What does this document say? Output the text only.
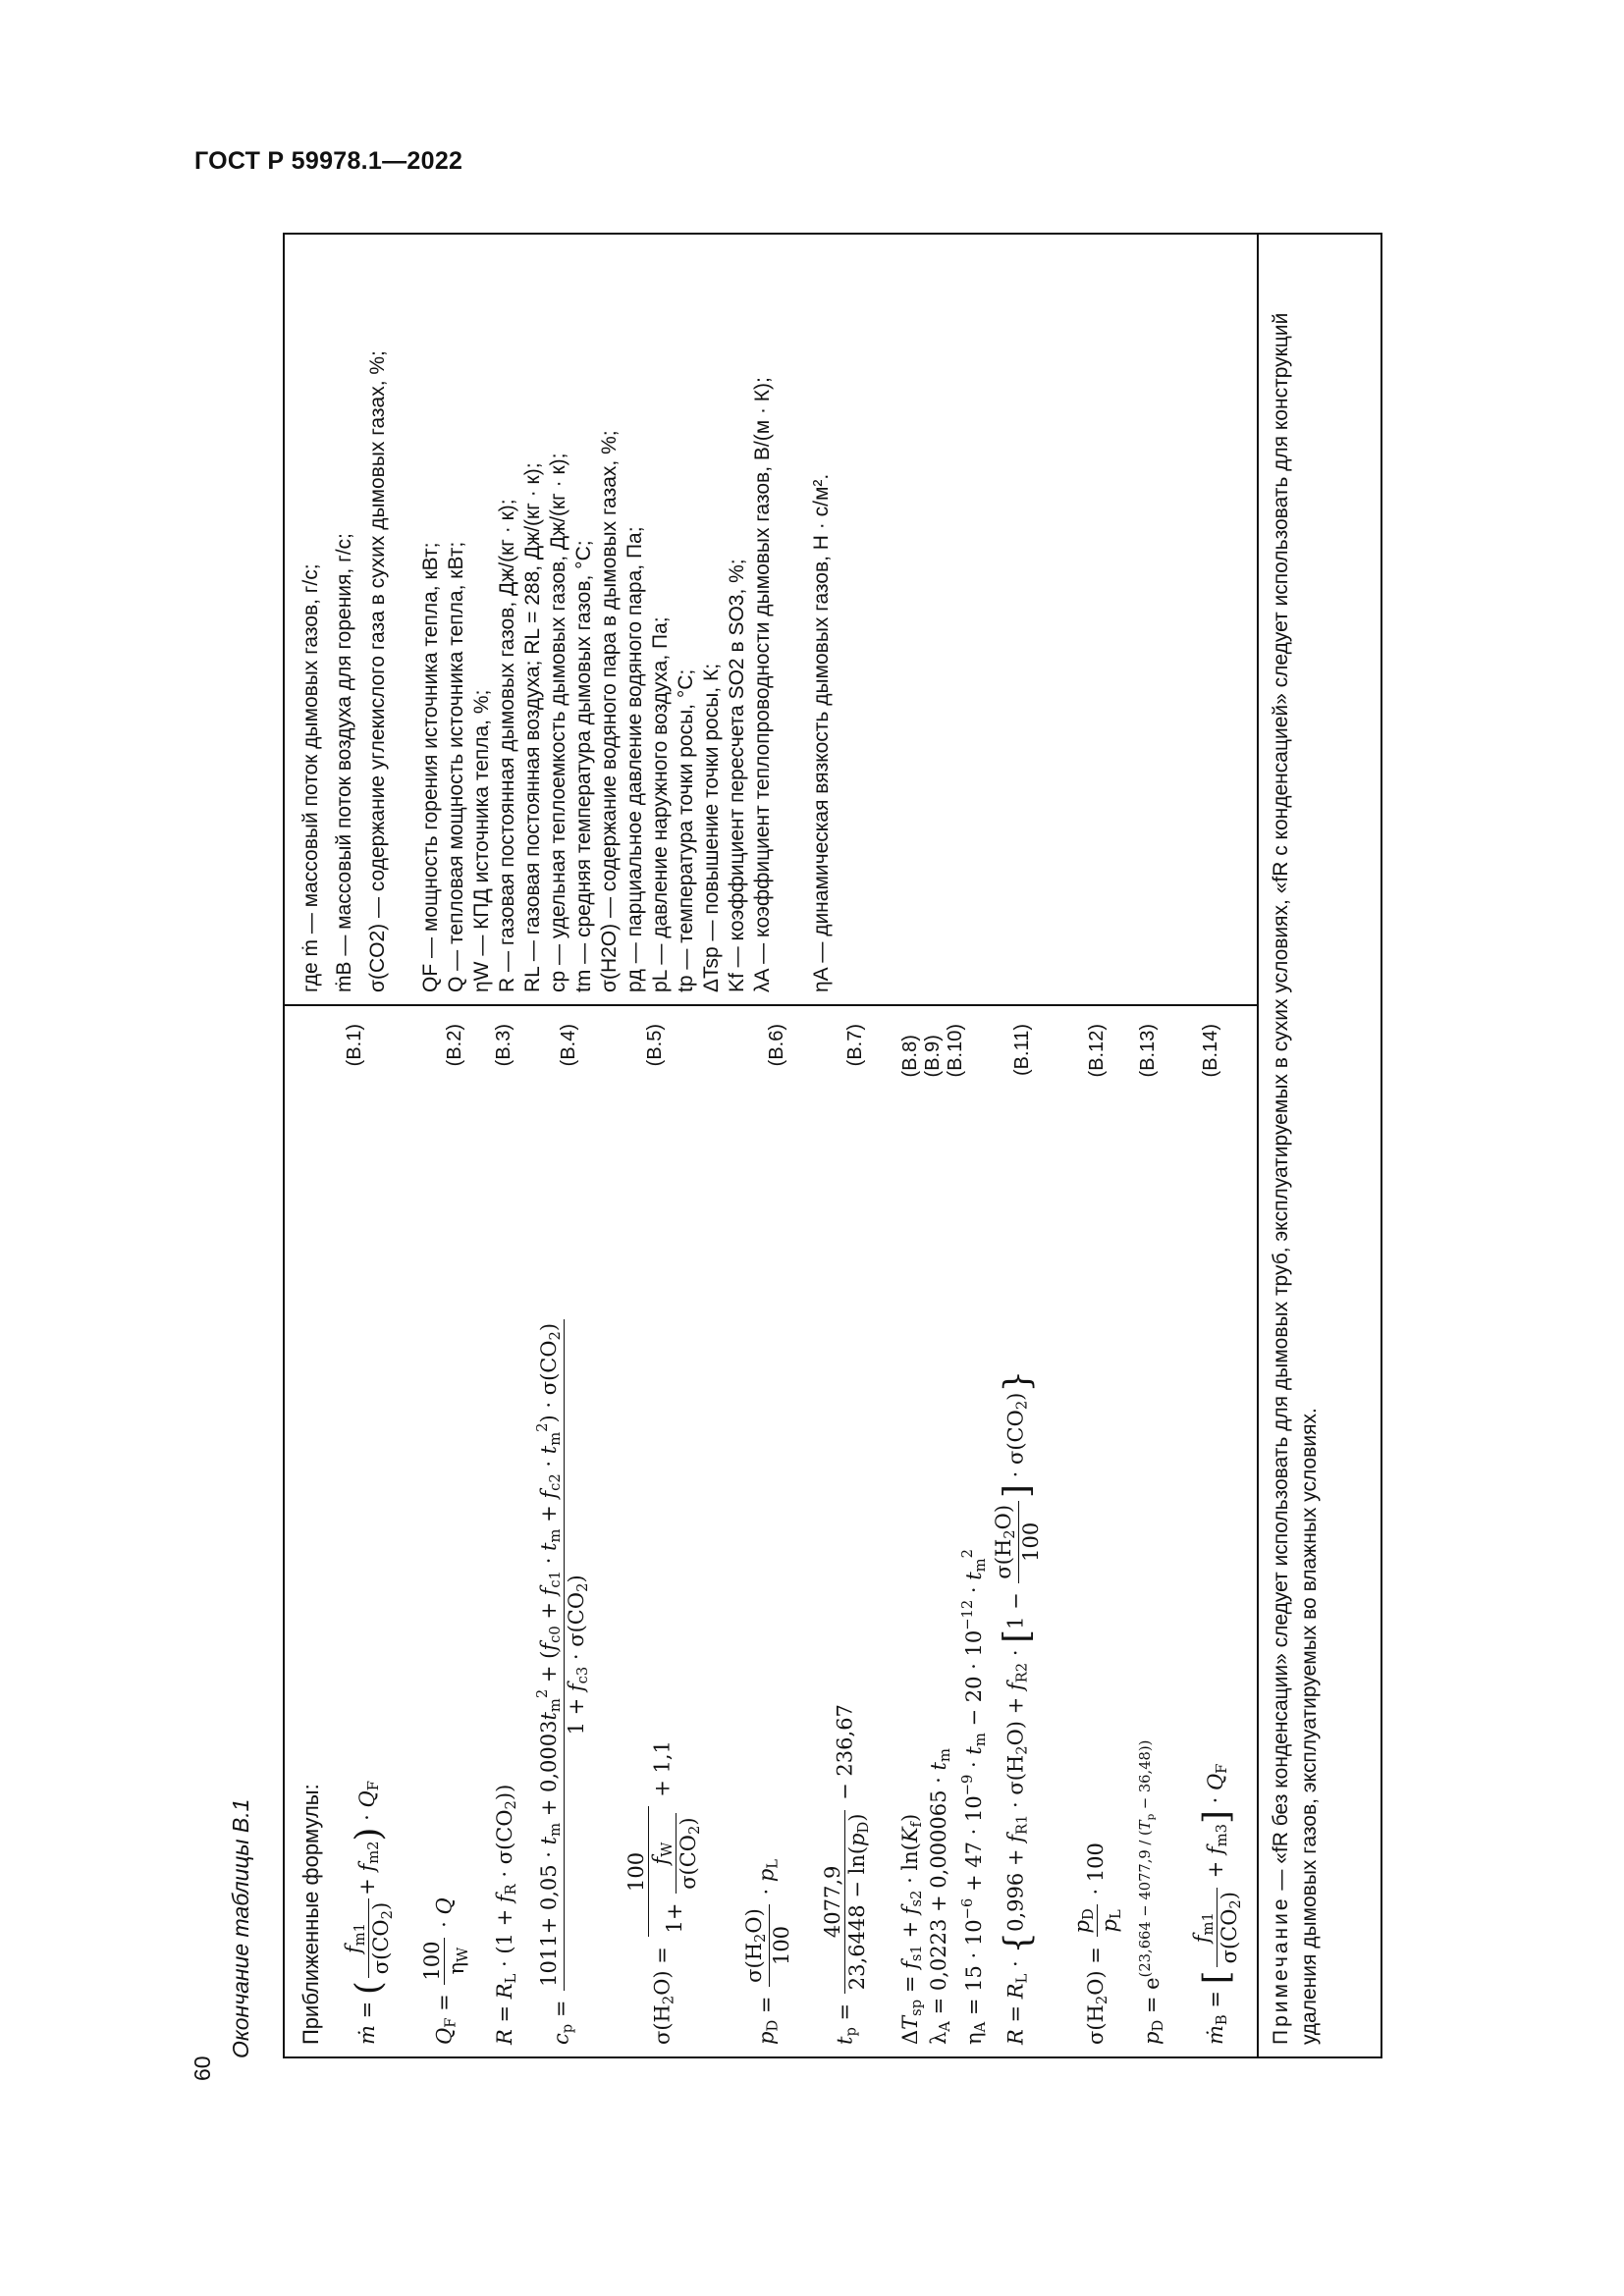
ГОСТ Р 59978.1—2022
60
Окончание таблицы В.1 Приближенные формулы:	ṁ = (
$f_{m1}$ $\sigma(CO_2)$
+ $f_{m2}) \cdot Q_F$
(B.1)
$Q_F$ =
100 $\eta_W$
· Q
(B.2)
$R = R_L \cdot (1 + f_R \cdot \sigma(CO_2))$
(B.3)
$c_p$ =
$1011+ 0,05 \cdot t_m + 0,0003t_m^2 + (f_{c0} + f_{c1} \cdot t_m + f_{c2} \cdot t_m^2) \cdot \sigma(CO_2)$
$1 + f_{c3} \cdot \sigma(CO_2)$
(B.4)
$\sigma(H_2O)$ =
100
1+
$f_W$ $\sigma(CO_2)$
+ 1,1
(B.5)
$p_D$ =
$\sigma(H_2O)$
100
· $p_L$
(B.6)
$t_p$ =
4077,9 $23,6448 - \ln(p_D)$
− 236,67
(B.7)
$\Delta T_{sp} = f_{s1} + f_{s2} \cdot \ln(K_f)$
$\lambda_A = 0,0223 + 0,000065 \cdot t_m$
$\eta_A = 15 \cdot 10^{-6} + 47 \cdot 10^{-9} \cdot t_m - 20 \cdot 10^{-12} \cdot t_m^2$
(B.8)
(B.9)
(B.10)
$R = R_L \cdot \{0,996 + f_{R1} \cdot \sigma(H_2O) + f_{R2} \cdot [1$ −
$\sigma(H_2O)$
100
] · $\sigma(CO_2)$}
(B.11)
$\sigma(H_2O)$ =
$p_D$
$p_L$
· 100
(B.12)
$p_D = e^{(23,664 - 4077,9 / (T_p - 36,48))}$
(B.13)
ṁ$_B$ = [
$f_{m1}$ $\sigma(CO_2)$
+ $f_{m3}] \cdot Q_F$
(B.14)
где ṁ — массовый поток дымовых газов, г/с; ṁB — массовый поток воздуха для горения, г/с; σ(CO2) — содержание углекислого газа в сухих дымовых газах, %; QF — мощность горения источника тепла, кВт; Q — тепловая мощность источника тепла, кВт; ηW — КПД источника тепла, %; R — газовая постоянная дымовых газов, Дж/(кг · к); RL — газовая постоянная воздуха; RL = 288, Дж/(кг · к); cp — удельная теплоемкость дымовых газов, Дж/(кг · к); tm — средняя температура дымовых газов, °С; σ(H2O) — содержание водяного пара в дымовых газах, %; pд — парциальное давление водяного пара, Па; pL — давление наружного воздуха, Па; tp — температура точки росы, °С; ΔTsp — повышение точки росы, К; Kf — коэффициент пересчета SO2 в SO3, %; λA — коэффициент теплопроводности дымовых газов, В/(м · К); ηA — динамическая вязкость дымовых газов, Н · с/м².
Примечание — «fR без конденсации» следует использовать для дымовых труб, эксплуатируемых в сухих условиях, «fR с конденсацией» следует использовать для конструкций удаления дымовых газов, эксплуатируемых во влажных условиях.
